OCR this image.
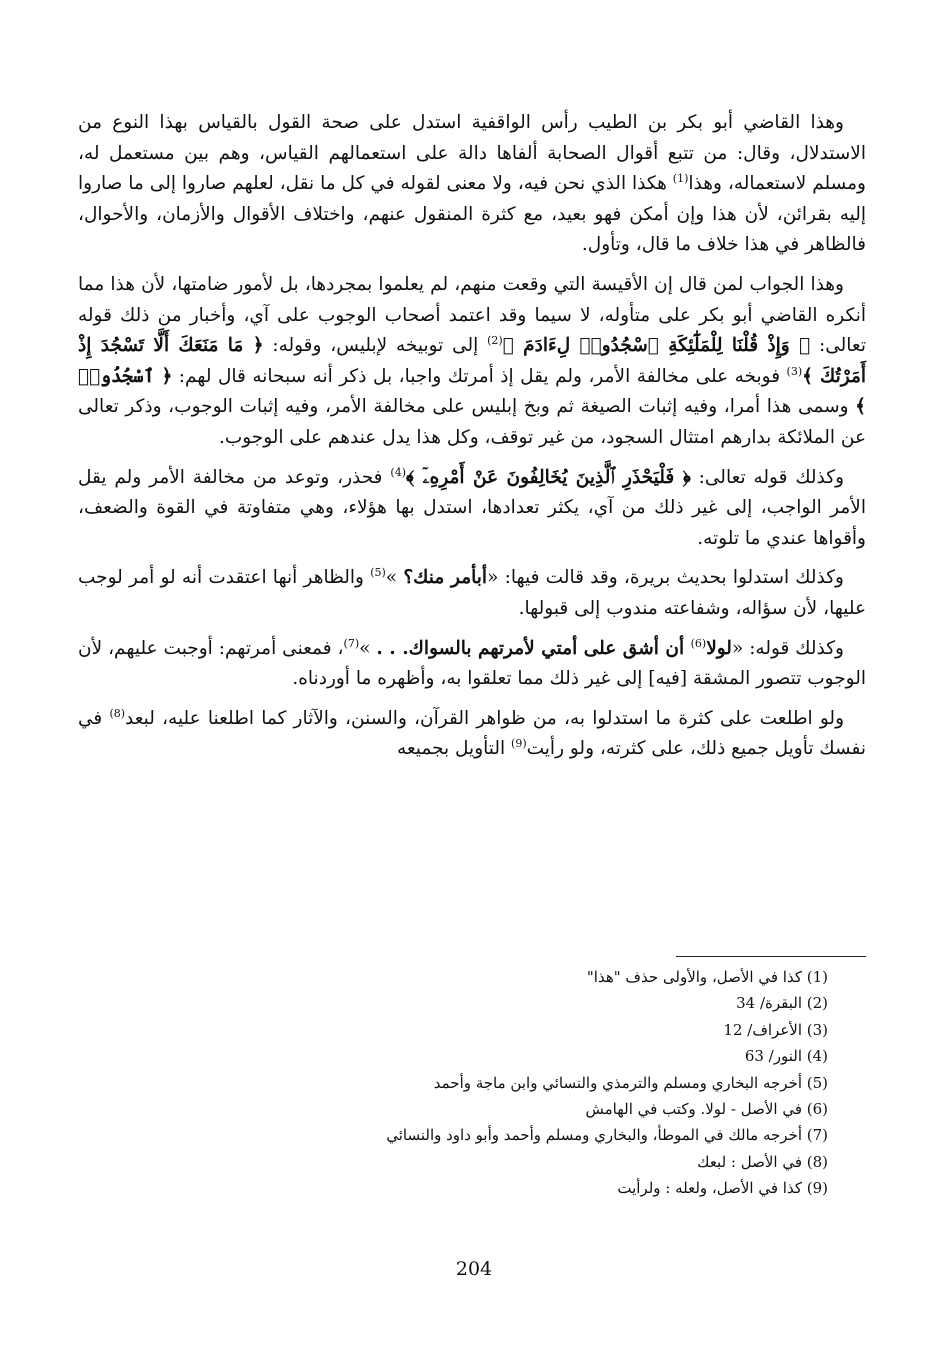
وهذا القاضي أبو بكر بن الطيب رأس الواقفية استدل على صحة القول بالقياس بهذا النوع من الاستدلال، وقال: من تتبع أقوال الصحابة ألفاها دالة على استعمالهم القياس، وهم بين مستعمل له، ومسلم لاستعماله، وهذا$^{(1)}$ هكذا الذي نحن فيه، ولا معنى لقوله في كل ما نقل، لعلهم صاروا إلى ما صاروا إليه بقرائن، لأن هذا وإن أمكن فهو بعيد، مع كثرة المنقول عنهم، واختلاف الأقوال والأزمان، والأحوال، فالظاهر في هذا خلاف ما قال، وتأول.

وهذا الجواب لمن قال إن الأقيسة التي وقعت منهم، لم يعلموا بمجردها، بل لأمور ضامتها، لأن هذا مما أنكره القاضي أبو بكر على متأوله، لا سيما وقد اعتمد أصحاب الوجوب على آي، وأخبار من ذلك قوله تعالى: ﴿ وَإِذْ قُلْنَا لِلْمَلَٰٓئِكَةِ ٱسْجُدُوا۟ لِءَادَمَ ﴾$^{(2)}$ إلى توبيخه لإبليس، وقوله: ﴿ مَا مَنَعَكَ أَلَّا تَسْجُدَ إِذْ أَمَرْتُكَ ﴾$^{(3)}$ فوبخه على مخالفة الأمر، ولم يقل إذ أمرتك واجبا، بل ذكر أنه سبحانه قال لهم: ﴿ ٱسْجُدُوا۟ ﴾ وسمى هذا أمرا، وفيه إثبات الصيغة ثم وبخ إبليس على مخالفة الأمر، وفيه إثبات الوجوب، وذكر تعالى عن الملائكة بدارهم امتثال السجود، من غير توقف، وكل هذا يدل عندهم على الوجوب.

وكذلك قوله تعالى: ﴿ فَلْيَحْذَرِ ٱلَّذِينَ يُخَالِفُونَ عَنْ أَمْرِهِۦٓ ﴾$^{(4)}$ فحذر، وتوعد من مخالفة الأمر ولم يقل الأمر الواجب، إلى غير ذلك من آي، يكثر تعدادها، استدل بها هؤلاء، وهي متفاوتة في القوة والضعف، وأقواها عندي ما تلوته.

وكذلك استدلوا بحديث بريرة، وقد قالت فيها: «أبأمر منك؟ »$^{(5)}$ والظاهر أنها اعتقدت أنه لو أمر لوجب عليها، لأن سؤاله، وشفاعته مندوب إلى قبولها.

وكذلك قوله: «لولا$^{(6)}$ أن أشق على أمتي لأمرتهم بالسواك. . . »$^{(7)}$، فمعنى أمرتهم: أوجبت عليهم، لأن الوجوب تتصور المشقة [فيه] إلى غير ذلك مما تعلقوا به، وأظهره ما أوردناه.

ولو اطلعت على كثرة ما استدلوا به، من ظواهر القرآن، والسنن، والآثار كما اطلعنا عليه، لبعد$^{(8)}$ في نفسك تأويل جميع ذلك، على كثرته، ولو رأيت$^{(9)}$ التأويل بجميعه

(1)كذا في الأصل، والأولى حذف "هذا"
(2)البقرة/ 34
(3)الأعراف/ 12
(4)النور/ 63
(5)أخرجه البخاري ومسلم والترمذي والنسائي وابن ماجة وأحمد
(6)في الأصل - لولا. وكتب في الهامش
(7)أخرجه مالك في الموطأ، والبخاري ومسلم وأحمد وأبو داود والنسائي
(8)في الأصل : لبعك
(9)كذا في الأصل، ولعله : ولرأيت
204
